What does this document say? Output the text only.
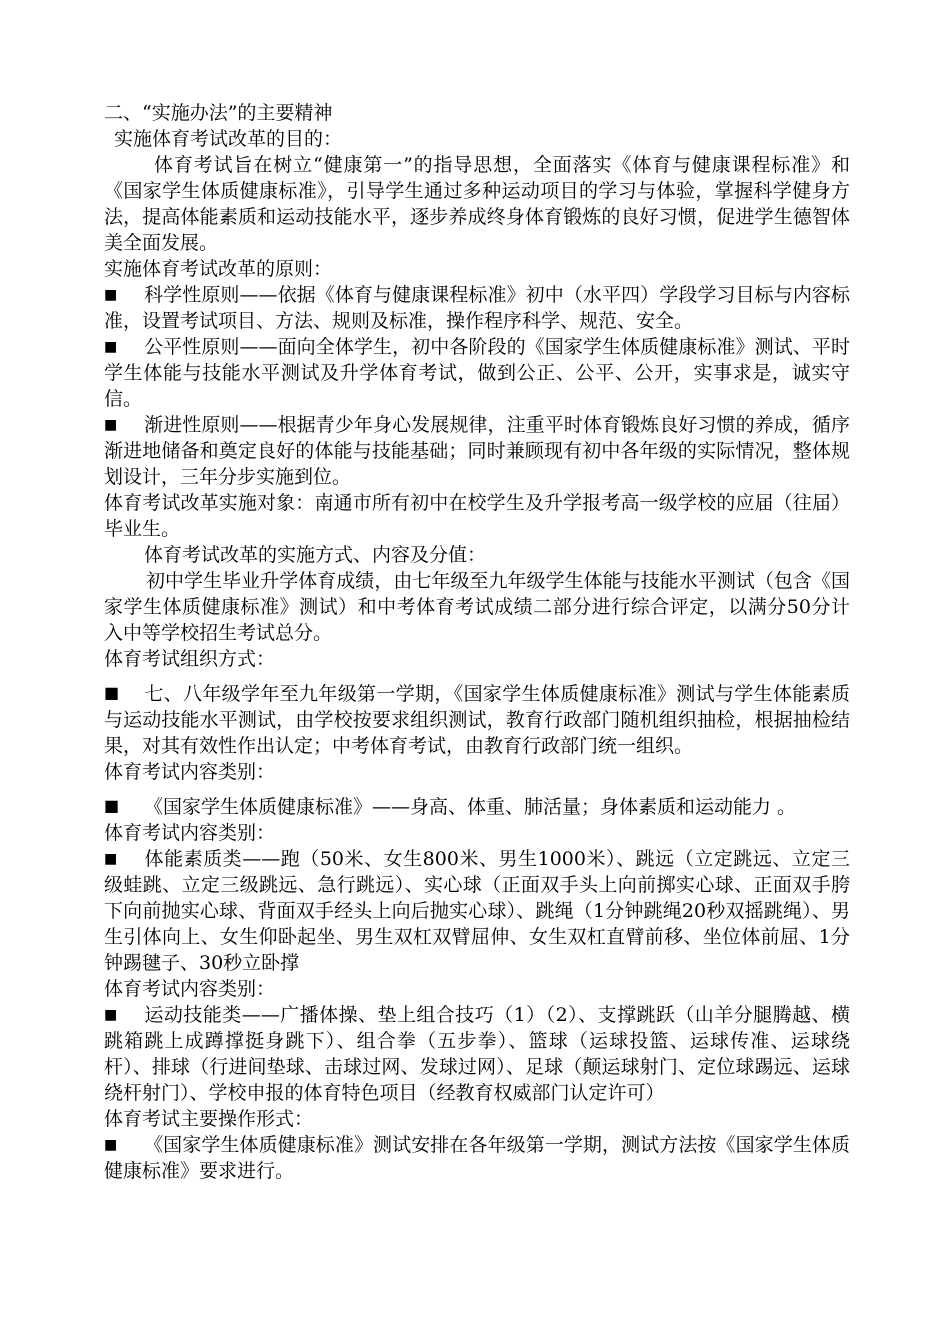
二、“实施办法”的主要精神

实施体育考试改革的目的：

体育考试旨在树立“健康第一”的指导思想，全面落实《体育与健康课程标准》和《国家学生体质健康标准》，引导学生通过多种运动项目的学习与体验，掌握科学健身方法，提高体能素质和运动技能水平，逐步养成终身体育锻炼的良好习惯，促进学生德智体美全面发展。

实施体育考试改革的原则：

■ 科学性原则——依据《体育与健康课程标准》初中（水平四）学段学习目标与内容标准，设置考试项目、方法、规则及标准，操作程序科学、规范、安全。

■ 公平性原则——面向全体学生，初中各阶段的《国家学生体质健康标准》测试、平时学生体能与技能水平测试及升学体育考试，做到公正、公平、公开，实事求是，诚实守信。

■ 渐进性原则——根据青少年身心发展规律，注重平时体育锻炼良好习惯的养成，循序渐进地储备和奠定良好的体能与技能基础；同时兼顾现有初中各年级的实际情况，整体规划设计，三年分步实施到位。

体育考试改革实施对象：南通市所有初中在校学生及升学报考高一级学校的应届（往届）毕业生。

体育考试改革的实施方式、内容及分值：

初中学生毕业升学体育成绩，由七年级至九年级学生体能与技能水平测试（包含《国家学生体质健康标准》测试）和中考体育考试成绩二部分进行综合评定，以满分50分计入中等学校招生考试总分。

体育考试组织方式：

■ 七、八年级学年至九年级第一学期，《国家学生体质健康标准》测试与学生体能素质与运动技能水平测试，由学校按要求组织测试，教育行政部门随机组织抽检，根据抽检结果，对其有效性作出认定；中考体育考试，由教育行政部门统一组织。

体育考试内容类别：

■ 《国家学生体质健康标准》——身高、体重、肺活量；身体素质和运动能力 。

体育考试内容类别：

■ 体能素质类——跑（50米、女生800米、男生1000米）、跳远（立定跳远、立定三级蛙跳、立定三级跳远、急行跳远）、实心球（正面双手头上向前掷实心球、正面双手胯下向前抛实心球、背面双手经头上向后抛实心球）、跳绳（1分钟跳绳20秒双摇跳绳）、男生引体向上、女生仰卧起坐、男生双杠双臂屈伸、女生双杠直臂前移、坐位体前屈、1分钟踢毽子、30秒立卧撑

体育考试内容类别：

■ 运动技能类——广播体操、垫上组合技巧（1）（2）、支撑跳跃（山羊分腿腾越、横跳箱跳上成蹲撑挺身跳下）、组合拳（五步拳）、篮球（运球投篮、运球传准、运球绕杆）、排球（行进间垫球、击球过网、发球过网）、足球（颠运球射门、定位球踢远、运球绕杆射门）、学校申报的体育特色项目（经教育权威部门认定许可）

体育考试主要操作形式：

■ 《国家学生体质健康标准》测试安排在各年级第一学期，测试方法按《国家学生体质健康标准》要求进行。
